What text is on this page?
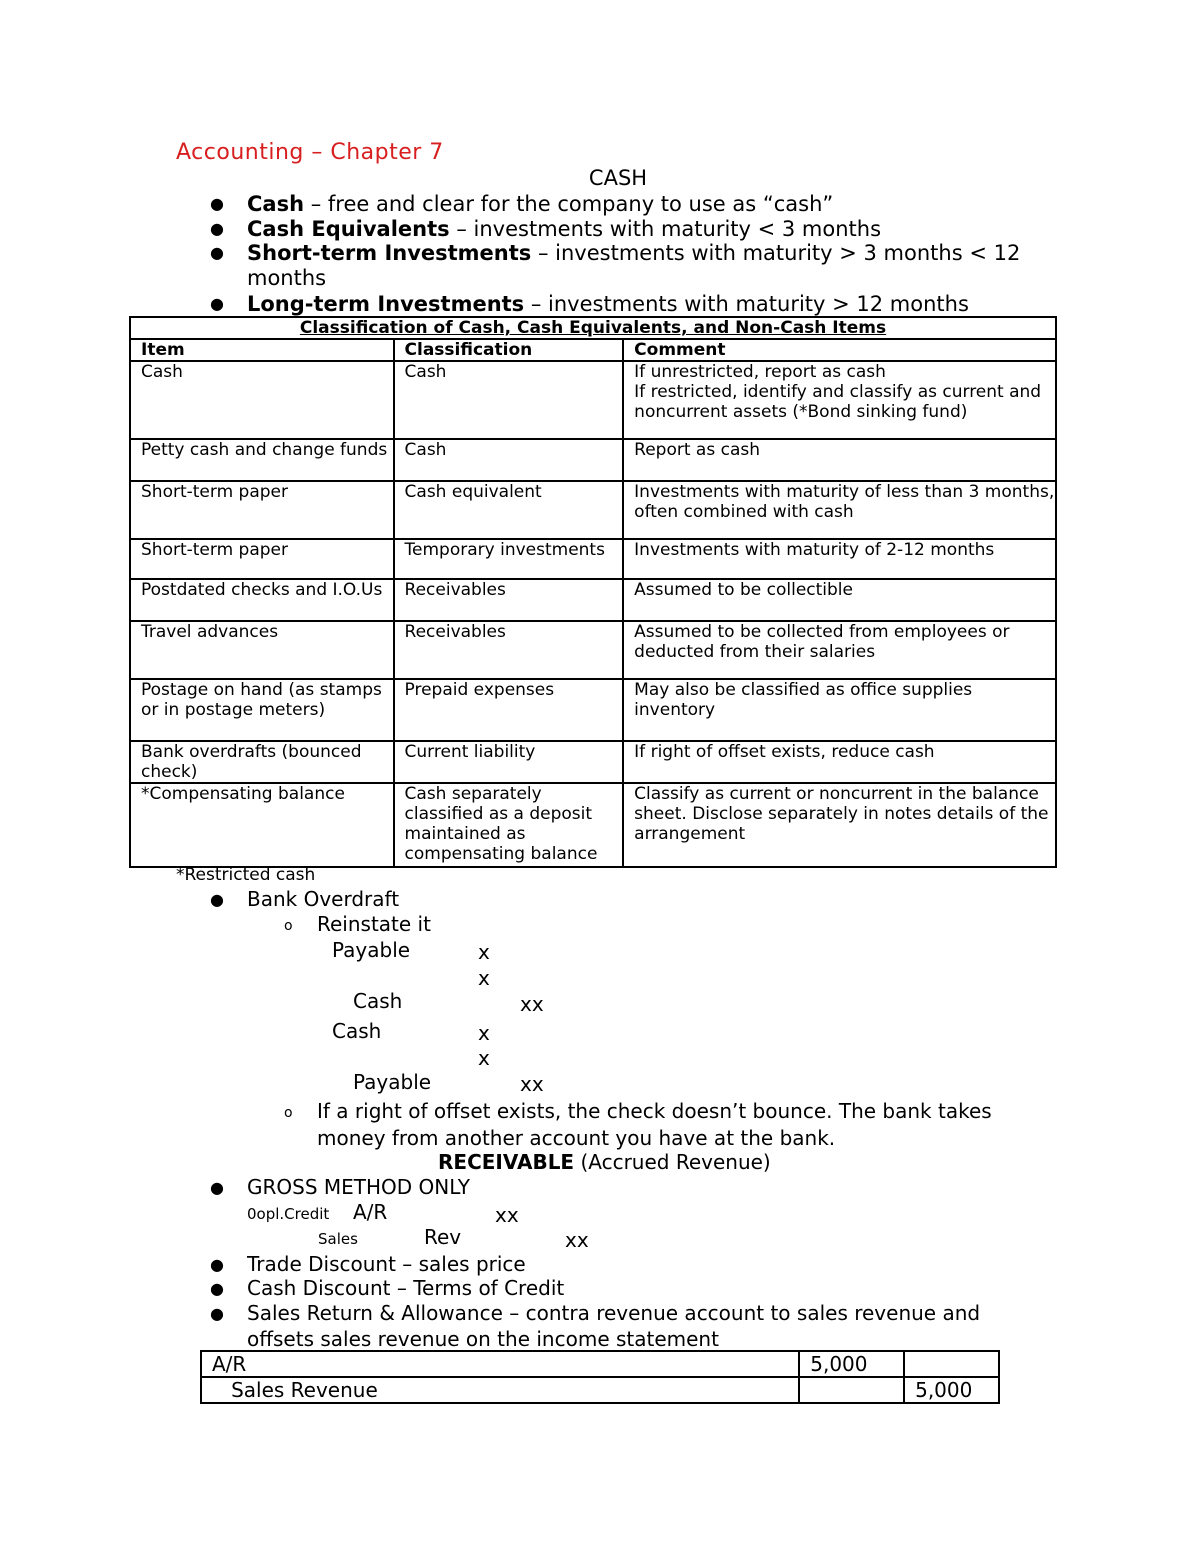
Accounting – Chapter 7
CASH
● Cash – free and clear for the company to use as “cash”
● Cash Equivalents – investments with maturity < 3 months
● Short-term Investments – investments with maturity > 3 months < 12
months
● Long-term Investments – investments with maturity > 12 months
Classification of Cash, Cash Equivalents, and Non-Cash Items		
Item	Classification	Comment
Cash	Cash	If unrestricted, report as cash
If restricted, identify and classify as current and noncurrent assets (*Bond sinking fund)
Petty cash and change funds	Cash	Report as cash
Short-term paper	Cash equivalent	Investments with maturity of less than 3 months, often combined with cash
Short-term paper	Temporary investments	Investments with maturity of 2-12 months
Postdated checks and I.O.Us	Receivables	Assumed to be collectible
Travel advances	Receivables	Assumed to be collected from employees or deducted from their salaries
Postage on hand (as stamps or in postage meters)	Prepaid expenses	May also be classified as office supplies inventory
Bank overdrafts (bounced check)	Current liability	If right of offset exists, reduce cash
*Compensating balance	Cash separately classified as a deposit maintained as compensating balance	Classify as current or noncurrent in the balance sheet. Disclose separately in notes details of the arrangement
*Restricted cash
● Bank Overdraft
o Reinstate it
Payable	x
x
Cash	xx
Cash	x
x
Payable	xx
o If a right of offset exists, the check doesn’t bounce. The bank takes
money from another account you have at the bank.
RECEIVABLE (Accrued Revenue)
● GROSS METHOD ONLY
0opl.Credit A/R	xx
Sales	Rev	xx
● Trade Discount – sales price
● Cash Discount – Terms of Credit
● Sales Return & Allowance – contra revenue account to sales revenue and
offsets sales revenue on the income statement
A/R	5,000	
Sales Revenue		5,000
